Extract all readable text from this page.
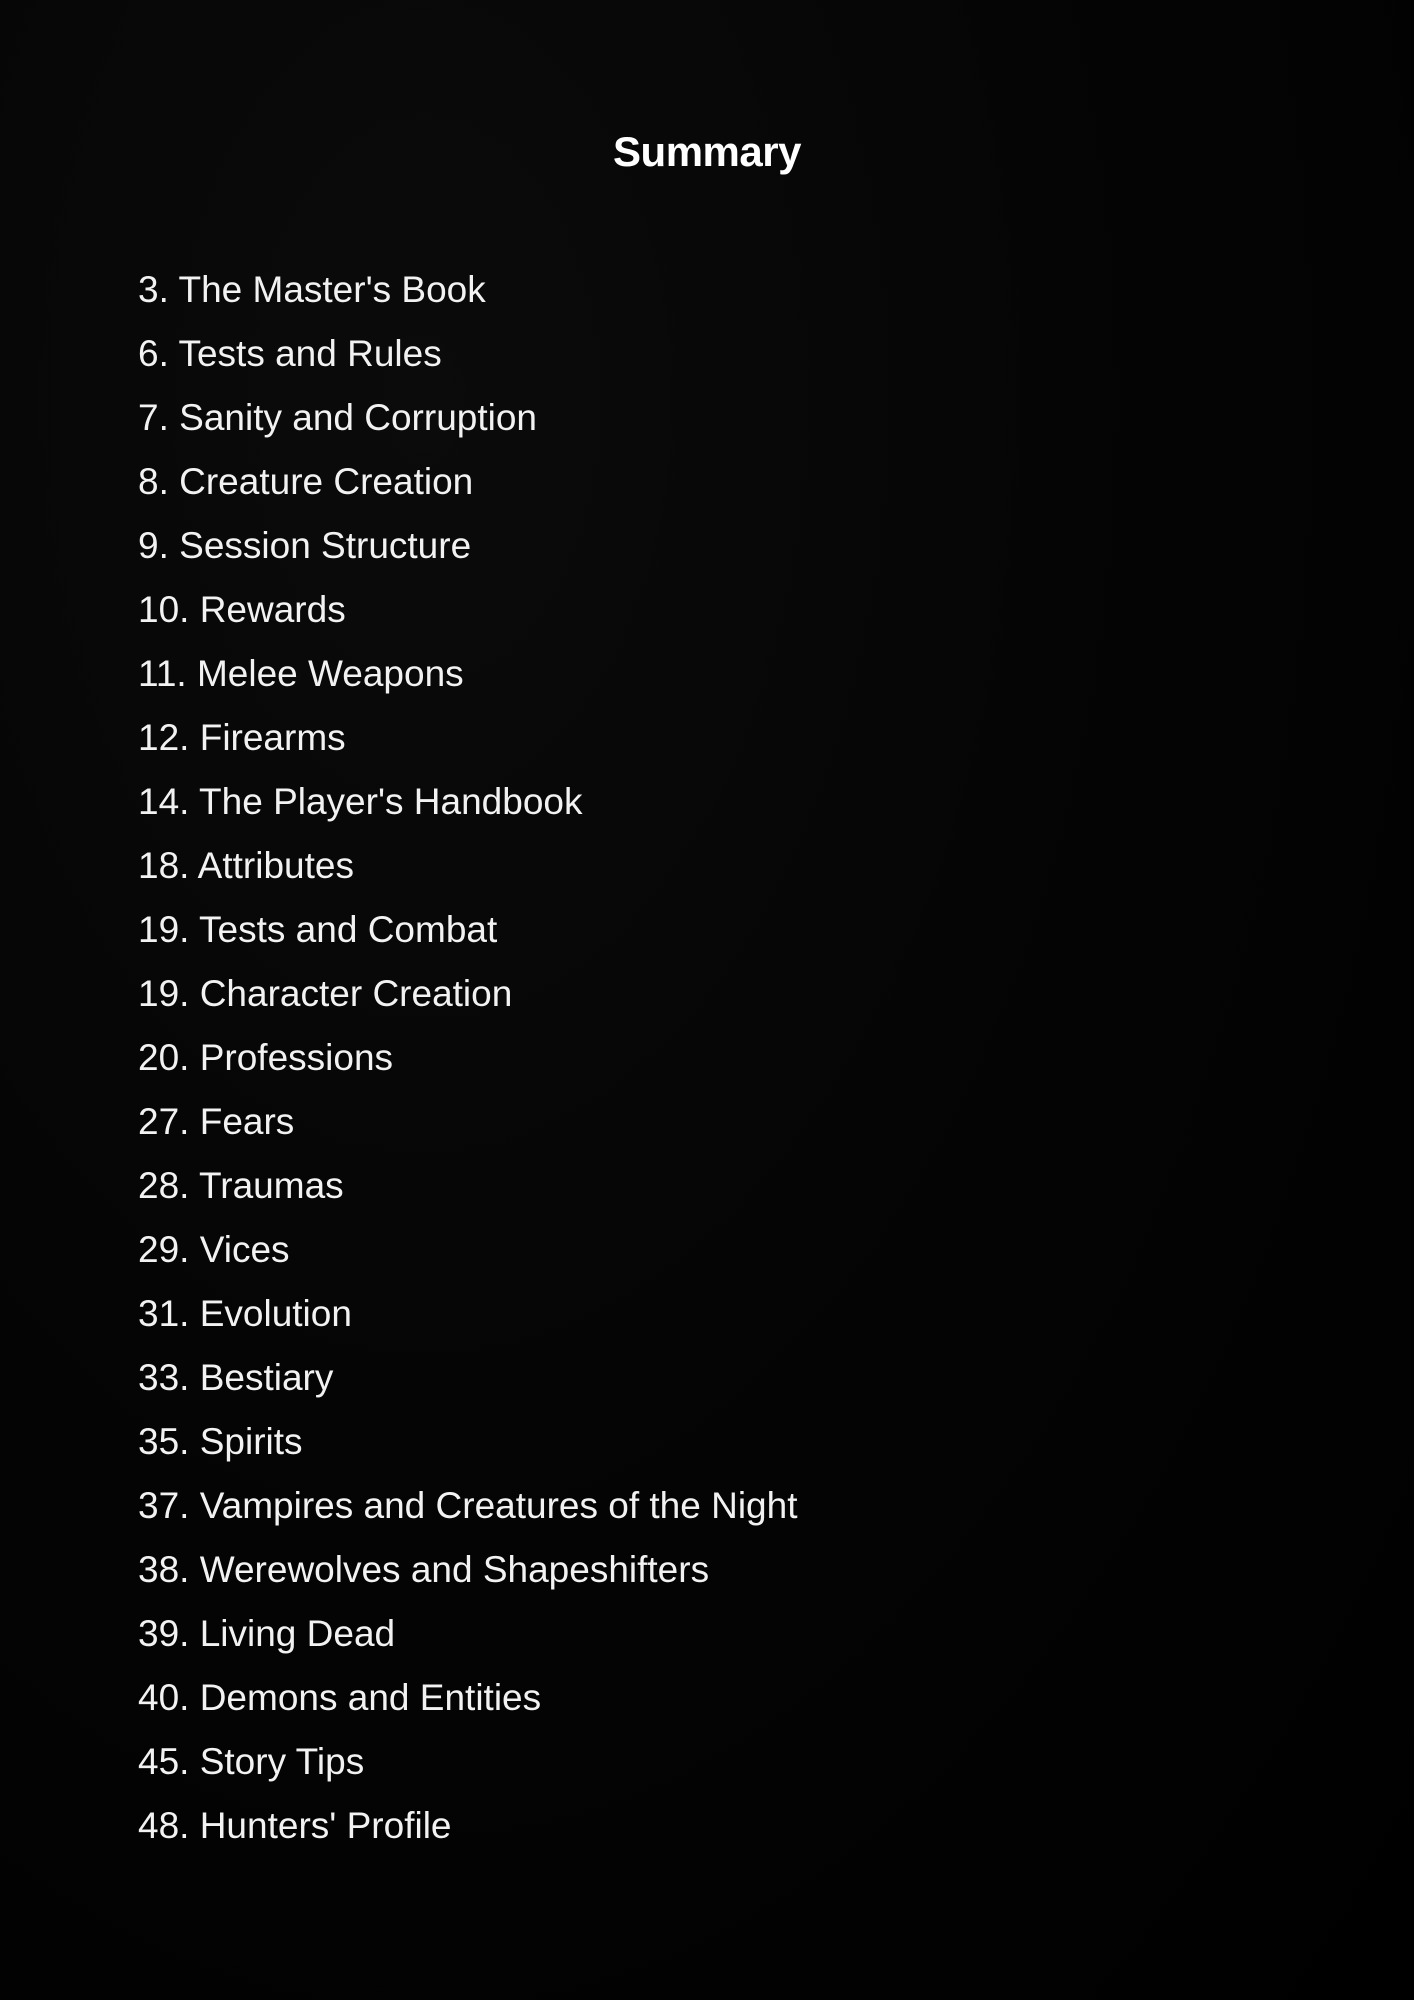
Summary
3. The Master's Book
6. Tests and Rules
7. Sanity and Corruption
8. Creature Creation
9. Session Structure
10. Rewards
11. Melee Weapons
12. Firearms
14. The Player's Handbook
18. Attributes
19. Tests and Combat
19. Character Creation
20. Professions
27. Fears
28. Traumas
29. Vices
31. Evolution
33. Bestiary
35. Spirits
37. Vampires and Creatures of the Night
38. Werewolves and Shapeshifters
39. Living Dead
40. Demons and Entities
45. Story Tips
48. Hunters' Profile
